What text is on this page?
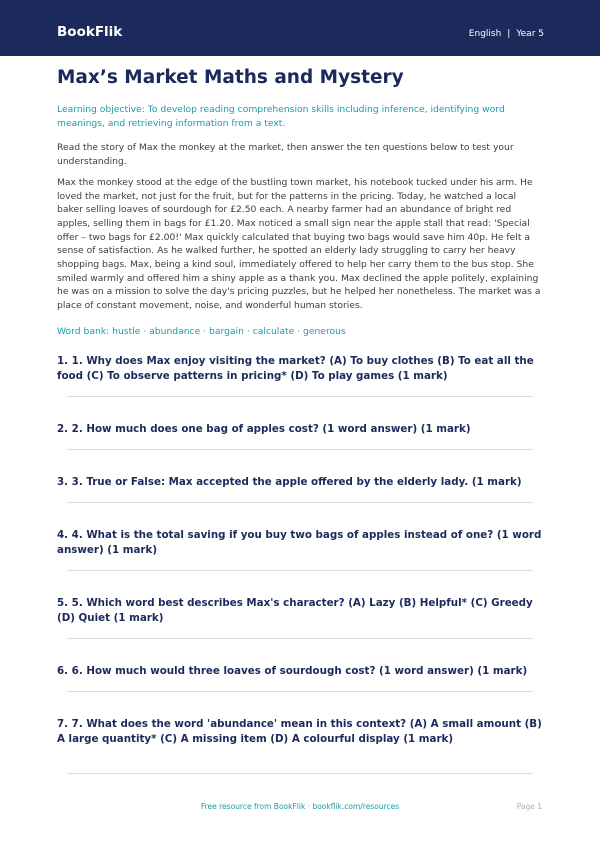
BookFlik	English | Year 5
Max’s Market Maths and Mystery

Learning objective: To develop reading comprehension skills including inference, identifying word meanings, and retrieving information from a text.

Read the story of Max the monkey at the market, then answer the ten questions below to test your understanding.

Max the monkey stood at the edge of the bustling town market, his notebook tucked under his arm. He loved the market, not just for the fruit, but for the patterns in the pricing. Today, he watched a local baker selling loaves of sourdough for £2.50 each. A nearby farmer had an abundance of bright red apples, selling them in bags for £1.20. Max noticed a small sign near the apple stall that read: 'Special offer – two bags for £2.00!' Max quickly calculated that buying two bags would save him 40p. He felt a sense of satisfaction. As he walked further, he spotted an elderly lady struggling to carry her heavy shopping bags. Max, being a kind soul, immediately offered to help her carry them to the bus stop. She smiled warmly and offered him a shiny apple as a thank you. Max declined the apple politely, explaining he was on a mission to solve the day's pricing puzzles, but he helped her nonetheless. The market was a place of constant movement, noise, and wonderful human stories.

Word bank: hustle · abundance · bargain · calculate · generous

1. 1. Why does Max enjoy visiting the market? (A) To buy clothes (B) To eat all the food (C) To observe patterns in pricing* (D) To play games (1 mark)
2. 2. How much does one bag of apples cost? (1 word answer) (1 mark)
3. 3. True or False: Max accepted the apple offered by the elderly lady. (1 mark)
4. 4. What is the total saving if you buy two bags of apples instead of one? (1 word answer) (1 mark)
5. 5. Which word best describes Max's character? (A) Lazy (B) Helpful* (C) Greedy (D) Quiet (1 mark)
6. 6. How much would three loaves of sourdough cost? (1 word answer) (1 mark)
7. 7. What does the word 'abundance' mean in this context? (A) A small amount (B) A large quantity* (C) A missing item (D) A colourful display (1 mark)
Free resource from BookFlik · bookflik.com/resources	Page 1
